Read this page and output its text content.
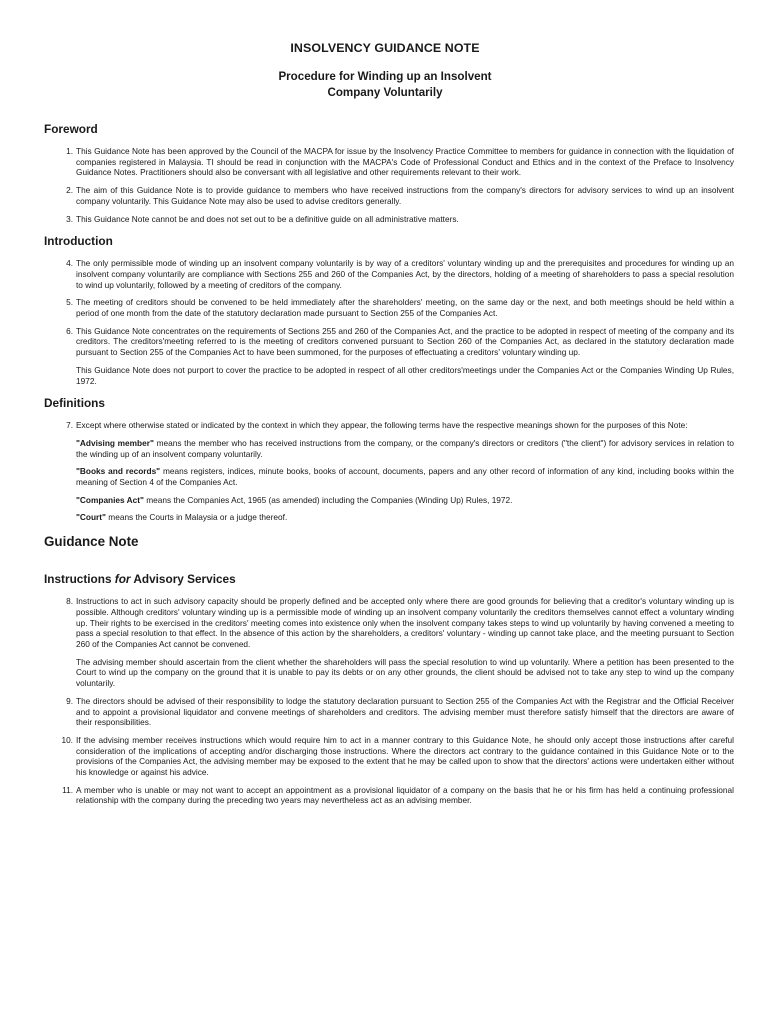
INSOLVENCY GUIDANCE NOTE
Procedure for Winding up an Insolvent
Company Voluntarily
Foreword
1. This Guidance Note has been approved by the Council of the MACPA for issue by the Insolvency Practice Committee to members for guidance in connection with the liquidation of companies registered in Malaysia. TI should be read in conjunction with the MACPA's Code of Professional Conduct and Ethics and in the context of the Preface to Insolvency Guidance Notes. Practitioners should also be conversant with all legislative and other requirements relevant to their work.
2. The aim of this Guidance Note is to provide guidance to members who have received instructions from the company's directors for advisory services to wind up an insolvent company voluntarily. This Guidance Note may also be used to advise creditors generally.
3. This Guidance Note cannot be and does not set out to be a definitive guide on all administrative matters.
Introduction
4. The only permissible mode of winding up an insolvent company voluntarily is by way of a creditors' voluntary winding up and the prerequisites and procedures for winding up an insolvent company voluntarily are compliance with Sections 255 and 260 of the Companies Act, by the directors, holding of a meeting of shareholders to pass a special resolution to wind up voluntarily, followed by a meeting of creditors of the company.
5. The meeting of creditors should be convened to be held immediately after the shareholders' meeting, on the same day or the next, and both meetings should be held within a period of one month from the date of the statutory declaration made pursuant to Section 255 of the Companies Act.
6. This Guidance Note concentrates on the requirements of Sections 255 and 260 of the Companies Act, and the practice to be adopted in respect of meeting of the company and its creditors. The creditors'meeting referred to is the meeting of creditors convened pursuant to Section 260 of the Companies Act, as declared in the statutory declaration made pursuant to Section 255 of the Companies Act to have been summoned, for the purposes of effectuating a creditors' voluntary winding up.
This Guidance Note does not purport to cover the practice to be adopted in respect of all other creditors'meetings under the Companies Act or the Companies Winding Up Rules, 1972.
Definitions
7. Except where otherwise stated or indicated by the context in which they appear, the following terms have the respective meanings shown for the purposes of this Note:
"Advising member" means the member who has received instructions from the company, or the company's directors or creditors ("the client") for advisory services in relation to the winding up of an insolvent company voluntarily.
"Books and records" means registers, indices, minute books, books of account, documents, papers and any other record of information of any kind, including books within the meaning of Section 4 of the Companies Act.
"Companies Act" means the Companies Act, 1965 (as amended) including the Companies (Winding Up) Rules, 1972.
"Court" means the Courts in Malaysia or a judge thereof.
Guidance Note
Instructions for Advisory Services
8. Instructions to act in such advisory capacity should be properly defined and be accepted only where there are good grounds for believing that a creditor's voluntary winding up is possible. Although creditors' voluntary winding up is a permissible mode of winding up an insolvent company voluntarily the creditors themselves cannot effect a voluntary winding up. Their rights to be exercised in the creditors' meeting comes into existence only when the insolvent company takes steps to wind up voluntarily by having convened a meeting to pass a special resolution to that effect. In the absence of this action by the shareholders, a creditors' voluntary - winding up cannot take place, and the meeting pursuant to Section 260 of the Companies Act cannot be convened.
The advising member should ascertain from the client whether the shareholders will pass the special resolution to wind up voluntarily. Where a petition has been presented to the Court to wind up the company on the ground that it is unable to pay its debts or on any other grounds, the client should be advised not to take any step to wind up the company voluntarily.
9. The directors should be advised of their responsibility to lodge the statutory declaration pursuant to Section 255 of the Companies Act with the Registrar and the Official Receiver and to appoint a provisional liquidator and convene meetings of shareholders and creditors. The advising member must therefore satisfy himself that the directors are aware of their responsibilities.
10. If the advising member receives instructions which would require him to act in a manner contrary to this Guidance Note, he should only accept those instructions after careful consideration of the implications of accepting and/or discharging those instructions. Where the directors act contrary to the guidance contained in this Guidance Note or to the provisions of the Companies Act, the advising member may be exposed to the extent that he may be called upon to show that the directors' actions were undertaken either without his knowledge or against his advice.
11. A member who is unable or may not want to accept an appointment as a provisional liquidator of a company on the basis that he or his firm has held a continuing professional relationship with the company during the preceding two years may nevertheless act as an advising member.
